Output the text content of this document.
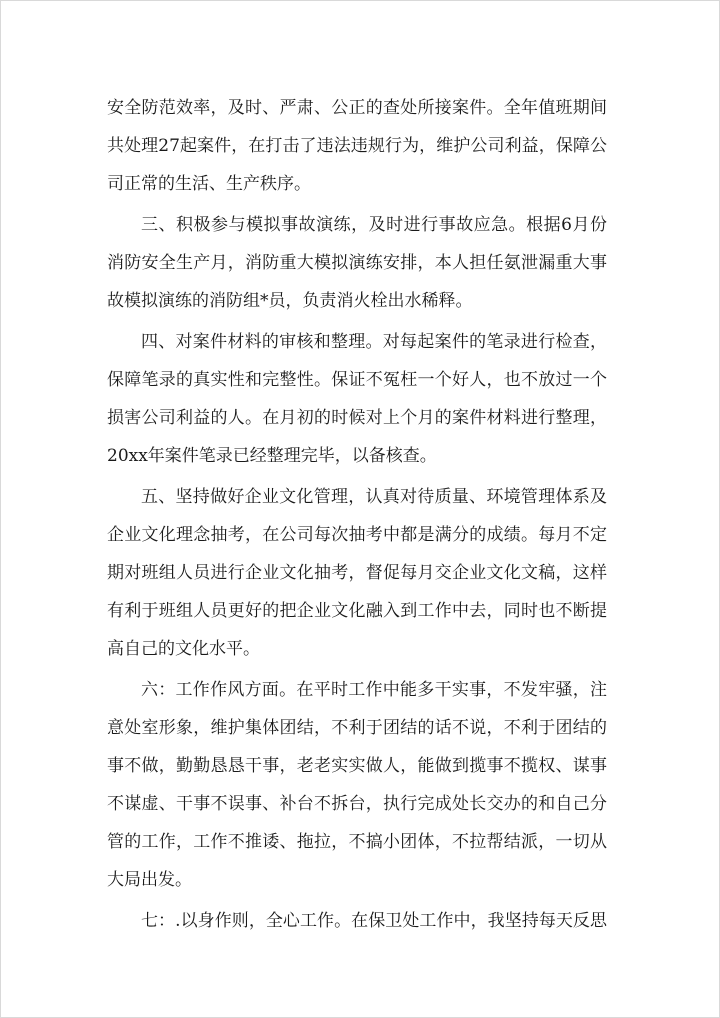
安全防范效率，及时、严肃、公正的查处所接案件。全年值班期间
共处理27起案件，在打击了违法违规行为，维护公司利益，保障公
司正常的生活、生产秩序。
三、积极参与模拟事故演练，及时进行事故应急。根据6月份
消防安全生产月，消防重大模拟演练安排，本人担任氨泄漏重大事
故模拟演练的消防组*员，负责消火栓出水稀释。
四、对案件材料的审核和整理。对每起案件的笔录进行检查，
保障笔录的真实性和完整性。保证不冤枉一个好人，也不放过一个
损害公司利益的人。在月初的时候对上个月的案件材料进行整理，
20xx年案件笔录已经整理完毕，以备核查。
五、坚持做好企业文化管理，认真对待质量、环境管理体系及
企业文化理念抽考，在公司每次抽考中都是满分的成绩。每月不定
期对班组人员进行企业文化抽考，督促每月交企业文化文稿，这样
有利于班组人员更好的把企业文化融入到工作中去，同时也不断提
高自己的文化水平。
六：工作作风方面。在平时工作中能多干实事，不发牢骚，注
意处室形象，维护集体团结，不利于团结的话不说，不利于团结的
事不做，勤勤恳恳干事，老老实实做人，能做到揽事不揽权、谋事
不谋虚、干事不误事、补台不拆台，执行完成处长交办的和自己分
管的工作，工作不推诿、拖拉，不搞小团体，不拉帮结派，一切从
大局出发。
七：.以身作则，全心工作。在保卫处工作中，我坚持每天反思
